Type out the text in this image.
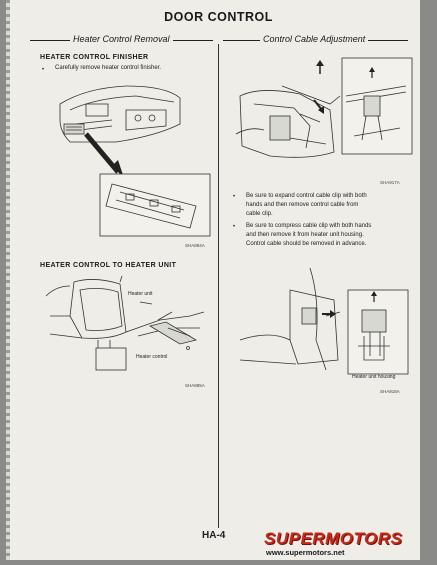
DOOR CONTROL
Heater Control Removal	Control Cable Adjustment
HEATER CONTROL FINISHER
• Carefully remove heater control finisher.
SHA884A
HEATER CONTROL TO HEATER UNIT
Heater unit
Heater control
SHA885A
SHA917A
• Be sure to expand control cable clip with both
hands and then remove control cable from
cable clip.
• Be sure to compress cable clip with both hands
and then remove it from heater unit housing.
Control cable should be removed in advance.
Heater unit housing
SHA918A
HA-4 SUPERMOTORS
www.supermotors.net
